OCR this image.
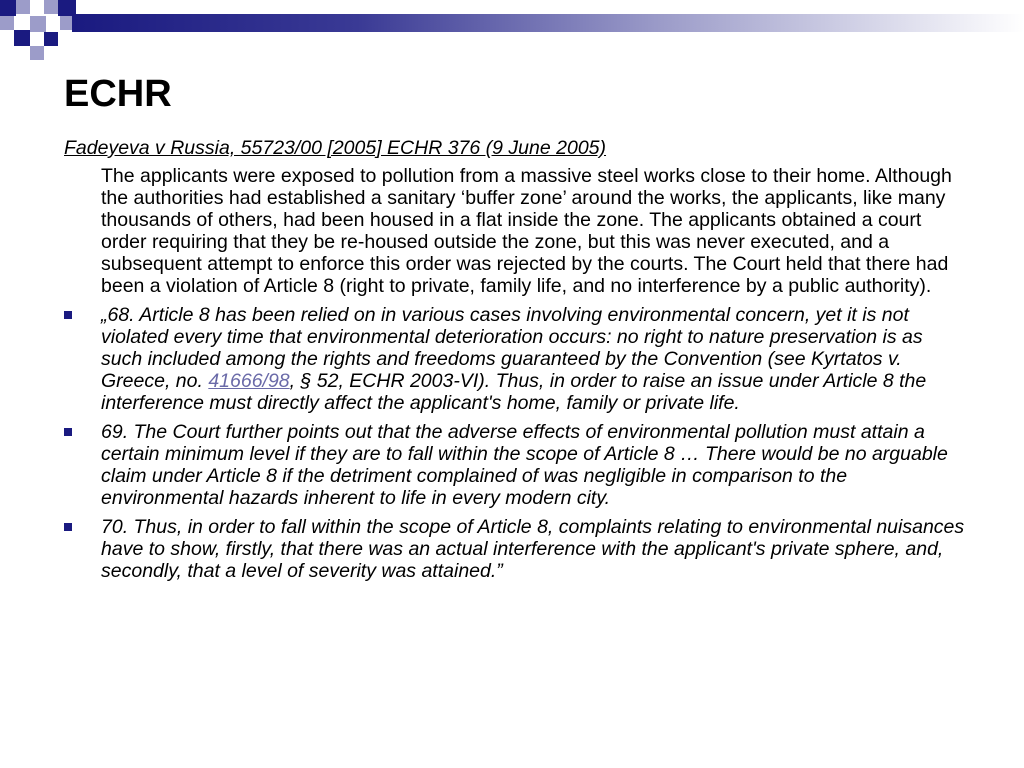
ECHR

Fadeyeva v Russia, 55723/00 [2005] ECHR 376 (9 June 2005)

The applicants were exposed to pollution from a massive steel works close to their home. Although the authorities had established a sanitary ‘buffer zone’ around the works, the applicants, like many thousands of others, had been housed in a flat inside the zone. The applicants obtained a court order requiring that they be re-housed outside the zone, but this was never executed, and a subsequent attempt to enforce this order was rejected by the courts. The Court held that there had been a violation of Article 8 (right to private, family life, and no interference by a public authority).

„68. Article 8 has been relied on in various cases involving environmental concern, yet it is not violated every time that environmental deterioration occurs: no right to nature preservation is as such included among the rights and freedoms guaranteed by the Convention (see Kyrtatos v. Greece, no. 41666/98, § 52, ECHR 2003-VI). Thus, in order to raise an issue under Article 8 the interference must directly affect the applicant's home, family or private life.
69. The Court further points out that the adverse effects of environmental pollution must attain a certain minimum level if they are to fall within the scope of Article 8 … There would be no arguable claim under Article 8 if the detriment complained of was negligible in comparison to the environmental hazards inherent to life in every modern city.
70. Thus, in order to fall within the scope of Article 8, complaints relating to environmental nuisances have to show, firstly, that there was an actual interference with the applicant's private sphere, and, secondly, that a level of severity was attained.”
